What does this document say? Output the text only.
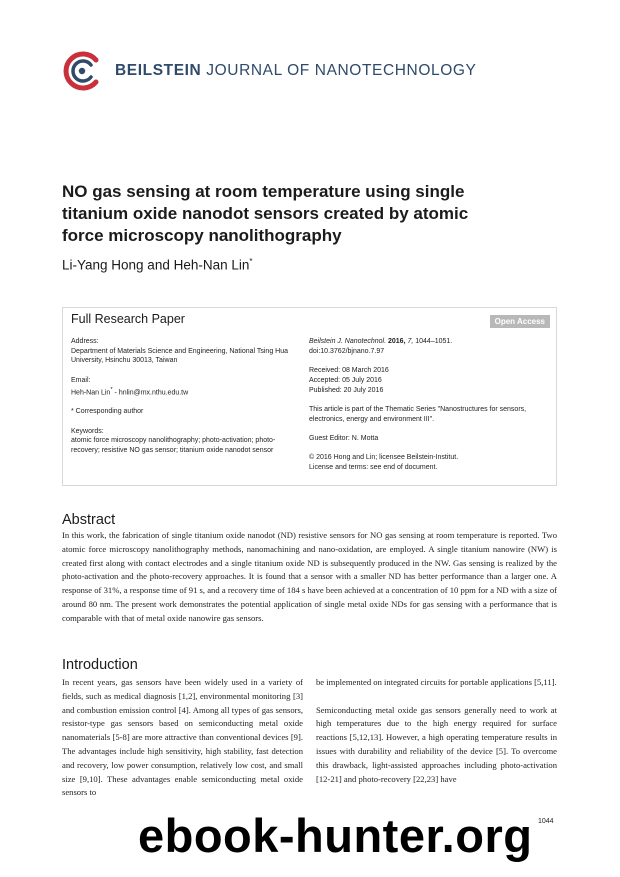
BEILSTEIN JOURNAL OF NANOTECHNOLOGY
NO gas sensing at room temperature using single titanium oxide nanodot sensors created by atomic force microscopy nanolithography
Li-Yang Hong and Heh-Nan Lin*
Full Research Paper	Open Access

Address:

Department of Materials Science and Engineering, National Tsing Hua University, Hsinchu 30013, Taiwan

Email:

Heh-Nan Lin* - hnlin@mx.nthu.edu.tw

* Corresponding author

Keywords:

atomic force microscopy nanolithography; photo-activation; photo-recovery; resistive NO gas sensor; titanium oxide nanodot sensor

Beilstein J. Nanotechnol. 2016, 7, 1044–1051.

doi:10.3762/bjnano.7.97

Received: 08 March 2016

Accepted: 05 July 2016

Published: 20 July 2016

This article is part of the Thematic Series "Nanostructures for sensors, electronics, energy and environment III".

Guest Editor: N. Motta

© 2016 Hong and Lin; licensee Beilstein-Institut.

License and terms: see end of document.

Abstract

In this work, the fabrication of single titanium oxide nanodot (ND) resistive sensors for NO gas sensing at room temperature is reported. Two atomic force microscopy nanolithography methods, nanomachining and nano-oxidation, are employed. A single titanium nanowire (NW) is created first along with contact electrodes and a single titanium oxide ND is subsequently produced in the NW. Gas sensing is realized by the photo-activation and the photo-recovery approaches. It is found that a sensor with a smaller ND has better performance than a larger one. A response of 31%, a response time of 91 s, and a recovery time of 184 s have been achieved at a concentration of 10 ppm for a ND with a size of around 80 nm. The present work demonstrates the potential application of single metal oxide NDs for gas sensing with a performance that is comparable with that of metal oxide nanowire gas sensors.

Introduction

In recent years, gas sensors have been widely used in a variety of fields, such as medical diagnosis [1,2], environmental monitoring [3] and combustion emission control [4]. Among all types of gas sensors, resistor-type gas sensors based on semiconducting metal oxide nanomaterials [5-8] are more attractive than conventional devices [9]. The advantages include high sensitivity, high stability, fast detection and recovery, low power consumption, relatively low cost, and small size [9,10]. These advantages enable semiconducting metal oxide sensors to

be implemented on integrated circuits for portable applications [5,11].

Semiconducting metal oxide gas sensors generally need to work at high temperatures due to the high energy required for surface reactions [5,12,13]. However, a high operating temperature results in issues with durability and reliability of the device [5]. To overcome this drawback, light-assisted approaches including photo-activation [12-21] and photo-recovery [22,23] have

1044
ebook-hunter.org
